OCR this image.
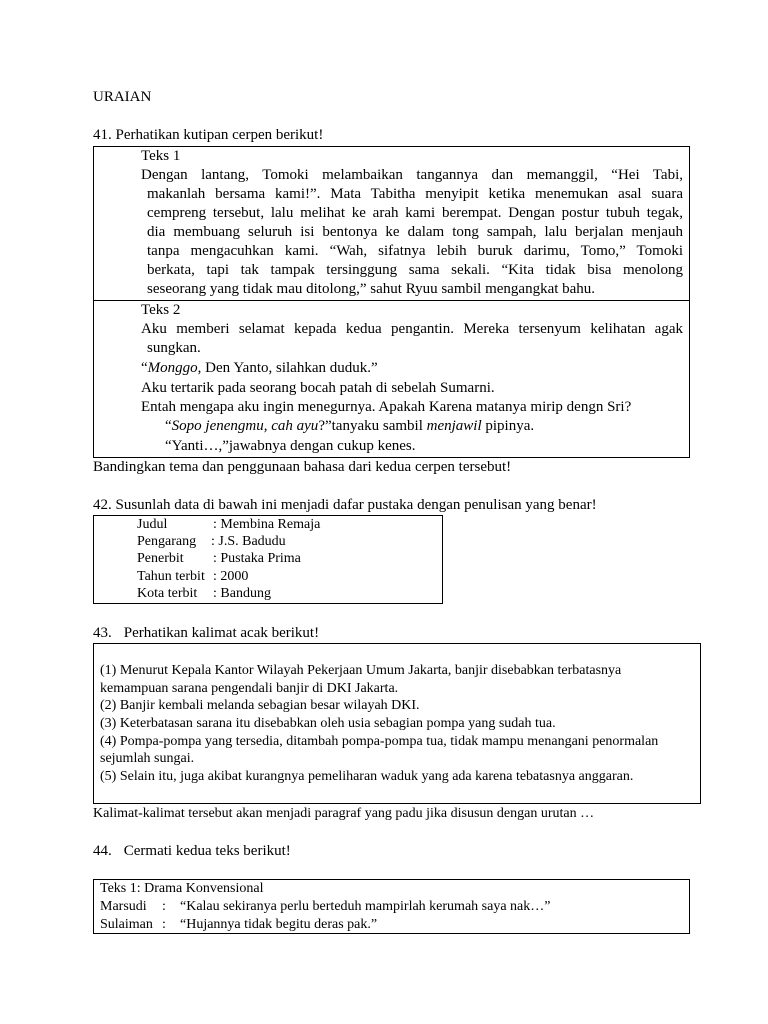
URAIAN
41. Perhatikan kutipan cerpen berikut!
Teks 1
Dengan lantang, Tomoki melambaikan tangannya dan memanggil, “Hei Tabi,
makanlah bersama kami!”. Mata Tabitha menyipit ketika menemukan asal suara
cempreng tersebut, lalu melihat ke arah kami berempat. Dengan postur tubuh tegak,
dia membuang seluruh isi bentonya ke dalam tong sampah, lalu berjalan menjauh
tanpa mengacuhkan kami. “Wah, sifatnya lebih buruk darimu, Tomo,” Tomoki
berkata, tapi tak tampak tersinggung sama sekali. “Kita tidak bisa menolong
seseorang yang tidak mau ditolong,” sahut Ryuu sambil mengangkat bahu.
Teks 2
Aku memberi selamat kepada kedua pengantin. Mereka tersenyum kelihatan agak
sungkan.
“Monggo, Den Yanto, silahkan duduk.”
Aku tertarik pada seorang bocah patah di sebelah Sumarni.
Entah mengapa aku ingin menegurnya. Apakah Karena matanya mirip dengn Sri?
“Sopo jenengmu, cah ayu?”tanyaku sambil menjawil pipinya.
“Yanti…,”jawabnya dengan cukup kenes.
Bandingkan tema dan penggunaan bahasa dari kedua cerpen tersebut!
42. Susunlah data di bawah ini menjadi dafar pustaka dengan penulisan yang benar!
Judul	: Membina Remaja
Pengarang : J.S. Badudu
Penerbit : Pustaka Prima
Tahun terbit : 2000
Kota terbit : Bandung
43. Perhatikan kalimat acak berikut!
(1) Menurut Kepala Kantor Wilayah Pekerjaan Umum Jakarta, banjir disebabkan terbatasnya
kemampuan sarana pengendali banjir di DKI Jakarta.
(2) Banjir kembali melanda sebagian besar wilayah DKI.
(3) Keterbatasan sarana itu disebabkan oleh usia sebagian pompa yang sudah tua.
(4) Pompa-pompa yang tersedia, ditambah pompa-pompa tua, tidak mampu menangani penormalan
sejumlah sungai.
(5) Selain itu, juga akibat kurangnya pemeliharan waduk yang ada karena tebatasnya anggaran.
Kalimat-kalimat tersebut akan menjadi paragraf yang padu jika disusun dengan urutan …
44. Cermati kedua teks berikut!
Teks 1: Drama Konvensional
Marsudi : “Kalau sekiranya perlu berteduh mampirlah kerumah saya nak…”
Sulaiman : “Hujannya tidak begitu deras pak.”
